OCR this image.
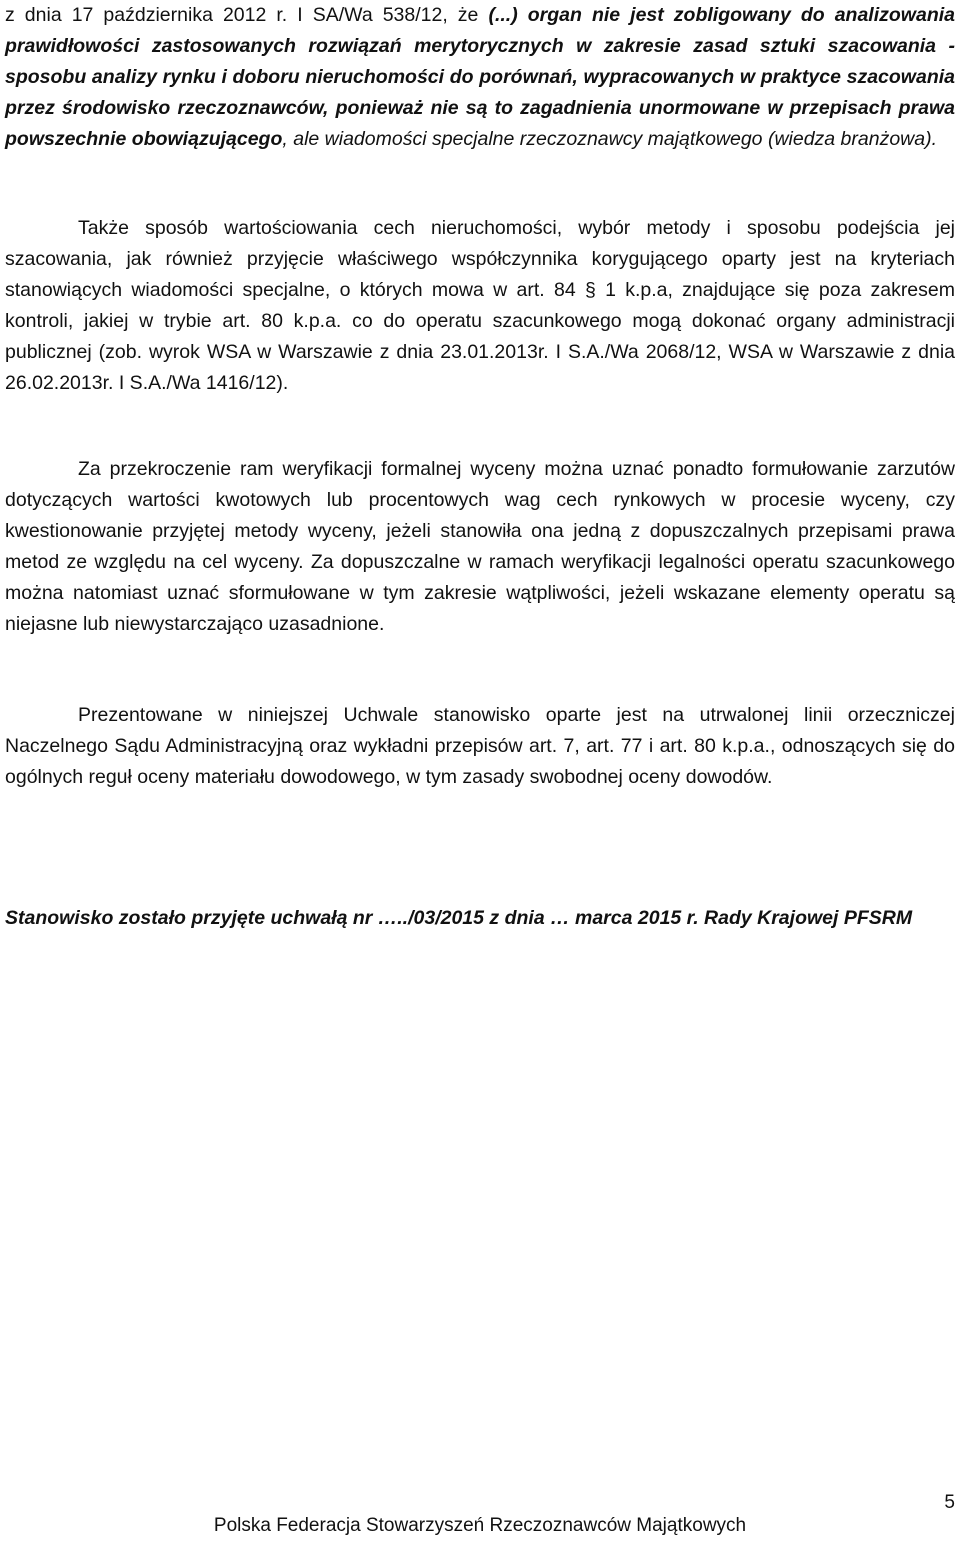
z dnia 17 października 2012 r. I SA/Wa 538/12, że (...) organ nie jest zobligowany do analizowania prawidłowości zastosowanych rozwiązań merytorycznych w zakresie zasad sztuki szacowania - sposobu analizy rynku i doboru nieruchomości do porównań, wypracowanych w praktyce szacowania przez środowisko rzeczoznawców, ponieważ nie są to zagadnienia unormowane w przepisach prawa powszechnie obowiązującego, ale wiadomości specjalne rzeczoznawcy majątkowego (wiedza branżowa).
Także sposób wartościowania cech nieruchomości, wybór metody i sposobu podejścia jej szacowania, jak również przyjęcie właściwego współczynnika korygującego oparty jest na kryteriach stanowiących wiadomości specjalne, o których mowa w art. 84 § 1 k.p.a, znajdujące się poza zakresem kontroli, jakiej w trybie art. 80 k.p.a. co do operatu szacunkowego mogą dokonać organy administracji publicznej (zob. wyrok WSA w Warszawie z dnia 23.01.2013r. I S.A./Wa 2068/12, WSA w Warszawie z dnia 26.02.2013r. I S.A./Wa 1416/12).
Za przekroczenie ram weryfikacji formalnej wyceny można uznać ponadto formułowanie zarzutów dotyczących wartości kwotowych lub procentowych wag cech rynkowych w procesie wyceny, czy kwestionowanie przyjętej metody wyceny, jeżeli stanowiła ona jedną z dopuszczalnych przepisami prawa metod ze względu na cel wyceny. Za dopuszczalne w ramach weryfikacji legalności operatu szacunkowego można natomiast uznać sformułowane w tym zakresie wątpliwości, jeżeli wskazane elementy operatu są niejasne lub niewystarczająco uzasadnione.
Prezentowane w niniejszej Uchwale stanowisko oparte jest na utrwalonej linii orzeczniczej Naczelnego Sądu Administracyjną oraz wykładni przepisów art. 7, art. 77 i art. 80 k.p.a., odnoszących się do ogólnych reguł oceny materiału dowodowego, w tym zasady swobodnej oceny dowodów.
Stanowisko zostało przyjęte uchwałą nr …../03/2015 z dnia … marca 2015 r. Rady Krajowej PFSRM
5
Polska Federacja Stowarzyszeń Rzeczoznawców Majątkowych
